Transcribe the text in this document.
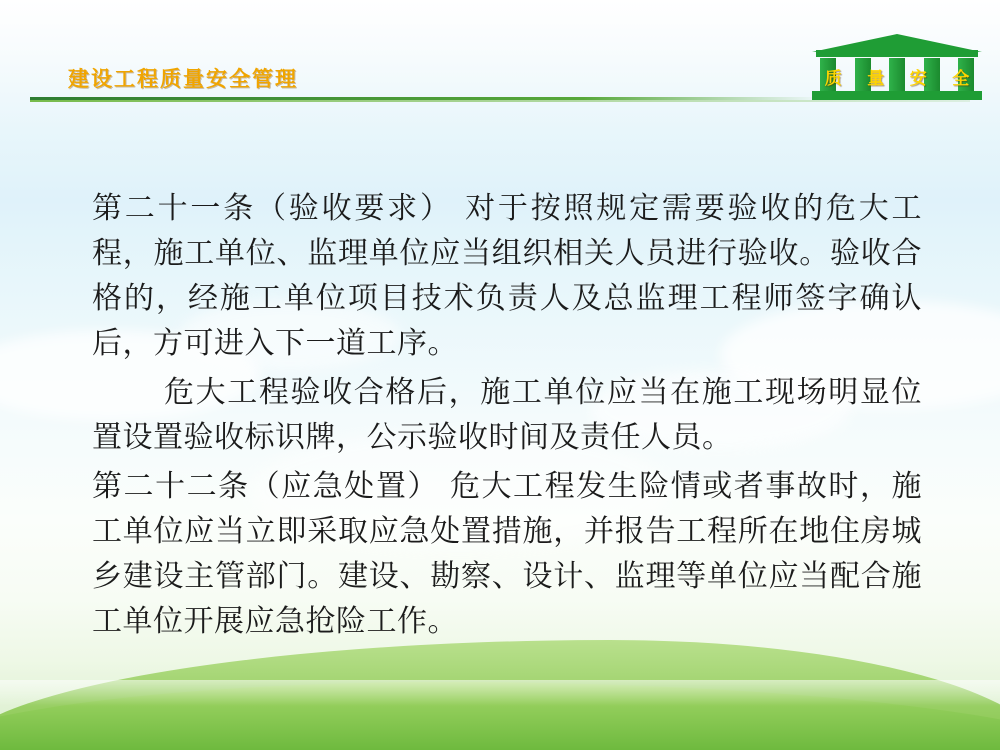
建设工程质量安全管理	质 量 安 全

第二十一条（验收要求） 对于按照规定需要验收的危大工程，施工单位、监理单位应当组织相关人员进行验收。验收合格的，经施工单位项目技术负责人及总监理工程师签字确认后，方可进入下一道工序。

危大工程验收合格后，施工单位应当在施工现场明显位置设置验收标识牌，公示验收时间及责任人员。

第二十二条（应急处置） 危大工程发生险情或者事故时，施工单位应当立即采取应急处置措施，并报告工程所在地住房城乡建设主管部门。建设、勘察、设计、监理等单位应当配合施工单位开展应急抢险工作。
